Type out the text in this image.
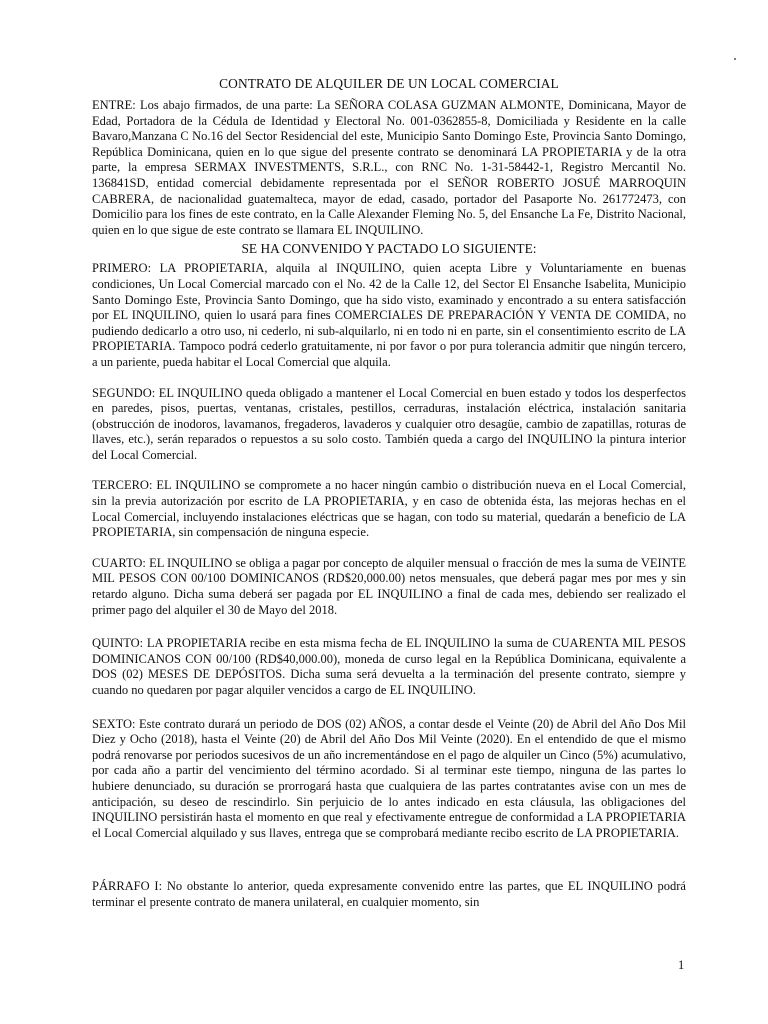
CONTRATO DE ALQUILER DE UN LOCAL COMERCIAL

ENTRE: Los abajo firmados, de una parte: La SEÑORA COLASA GUZMAN ALMONTE, Dominicana, Mayor de Edad, Portadora de la Cédula de Identidad y Electoral No. 001-0362855-8, Domiciliada y Residente en la calle Bavaro,Manzana C No.16 del Sector Residencial del este, Municipio Santo Domingo Este, Provincia Santo Domingo, República Dominicana, quien en lo que sigue del presente contrato se denominará LA PROPIETARIA y de la otra parte, la empresa SERMAX INVESTMENTS, S.R.L., con RNC No. 1-31-58442-1, Registro Mercantil No. 136841SD, entidad comercial debidamente representada por el SEÑOR ROBERTO JOSUÉ MARROQUIN CABRERA, de nacionalidad guatemalteca, mayor de edad, casado, portador del Pasaporte No. 261772473, con Domicilio para los fines de este contrato, en la Calle Alexander Fleming No. 5, del Ensanche La Fe, Distrito Nacional, quien en lo que sigue de este contrato se llamara EL INQUILINO.

SE HA CONVENIDO Y PACTADO LO SIGUIENTE:

PRIMERO: LA PROPIETARIA, alquila al INQUILINO, quien acepta Libre y Voluntariamente en buenas condiciones, Un Local Comercial marcado con el No. 42 de la Calle 12, del Sector El Ensanche Isabelita, Municipio Santo Domingo Este, Provincia Santo Domingo, que ha sido visto, examinado y encontrado a su entera satisfacción por EL INQUILINO, quien lo usará para fines COMERCIALES DE PREPARACIÓN Y VENTA DE COMIDA, no pudiendo dedicarlo a otro uso, ni cederlo, ni sub-alquilarlo, ni en todo ni en parte, sin el consentimiento escrito de LA PROPIETARIA. Tampoco podrá cederlo gratuitamente, ni por favor o por pura tolerancia admitir que ningún tercero, a un pariente, pueda habitar el Local Comercial que alquila.

SEGUNDO: EL INQUILINO queda obligado a mantener el Local Comercial en buen estado y todos los desperfectos en paredes, pisos, puertas, ventanas, cristales, pestillos, cerraduras, instalación eléctrica, instalación sanitaria (obstrucción de inodoros, lavamanos, fregaderos, lavaderos y cualquier otro desagüe, cambio de zapatillas, roturas de llaves, etc.), serán reparados o repuestos a su solo costo. También queda a cargo del INQUILINO la pintura interior del Local Comercial.

TERCERO: EL INQUILINO se compromete a no hacer ningún cambio o distribución nueva en el Local Comercial, sin la previa autorización por escrito de LA PROPIETARIA, y en caso de obtenida ésta, las mejoras hechas en el Local Comercial, incluyendo instalaciones eléctricas que se hagan, con todo su material, quedarán a beneficio de LA PROPIETARIA, sin compensación de ninguna especie.

CUARTO: EL INQUILINO se obliga a pagar por concepto de alquiler mensual o fracción de mes la suma de VEINTE MIL PESOS CON 00/100 DOMINICANOS (RD$20,000.00) netos mensuales, que deberá pagar mes por mes y sin retardo alguno. Dicha suma deberá ser pagada por EL INQUILINO a final de cada mes, debiendo ser realizado el primer pago del alquiler el 30 de Mayo del 2018.

QUINTO: LA PROPIETARIA recibe en esta misma fecha de EL INQUILINO la suma de CUARENTA MIL PESOS DOMINICANOS CON 00/100 (RD$40,000.00), moneda de curso legal en la República Dominicana, equivalente a DOS (02) MESES DE DEPÓSITOS. Dicha suma será devuelta a la terminación del presente contrato, siempre y cuando no quedaren por pagar alquiler vencidos a cargo de EL INQUILINO.

SEXTO: Este contrato durará un periodo de DOS (02) AÑOS, a contar desde el Veinte (20) de Abril del Año Dos Mil Diez y Ocho (2018), hasta el Veinte (20) de Abril del Año Dos Mil Veinte (2020). En el entendido de que el mismo podrá renovarse por periodos sucesivos de un año incrementándose en el pago de alquiler un Cinco (5%) acumulativo, por cada año a partir del vencimiento del término acordado. Si al terminar este tiempo, ninguna de las partes lo hubiere denunciado, su duración se prorrogará hasta que cualquiera de las partes contratantes avise con un mes de anticipación, su deseo de rescindirlo. Sin perjuicio de lo antes indicado en esta cláusula, las obligaciones del INQUILINO persistirán hasta el momento en que real y efectivamente entregue de conformidad a LA PROPIETARIA el Local Comercial alquilado y sus llaves, entrega que se comprobará mediante recibo escrito de LA PROPIETARIA.

PÁRRAFO I: No obstante lo anterior, queda expresamente convenido entre las partes, que EL INQUILINO podrá terminar el presente contrato de manera unilateral, en cualquier momento, sin

1
